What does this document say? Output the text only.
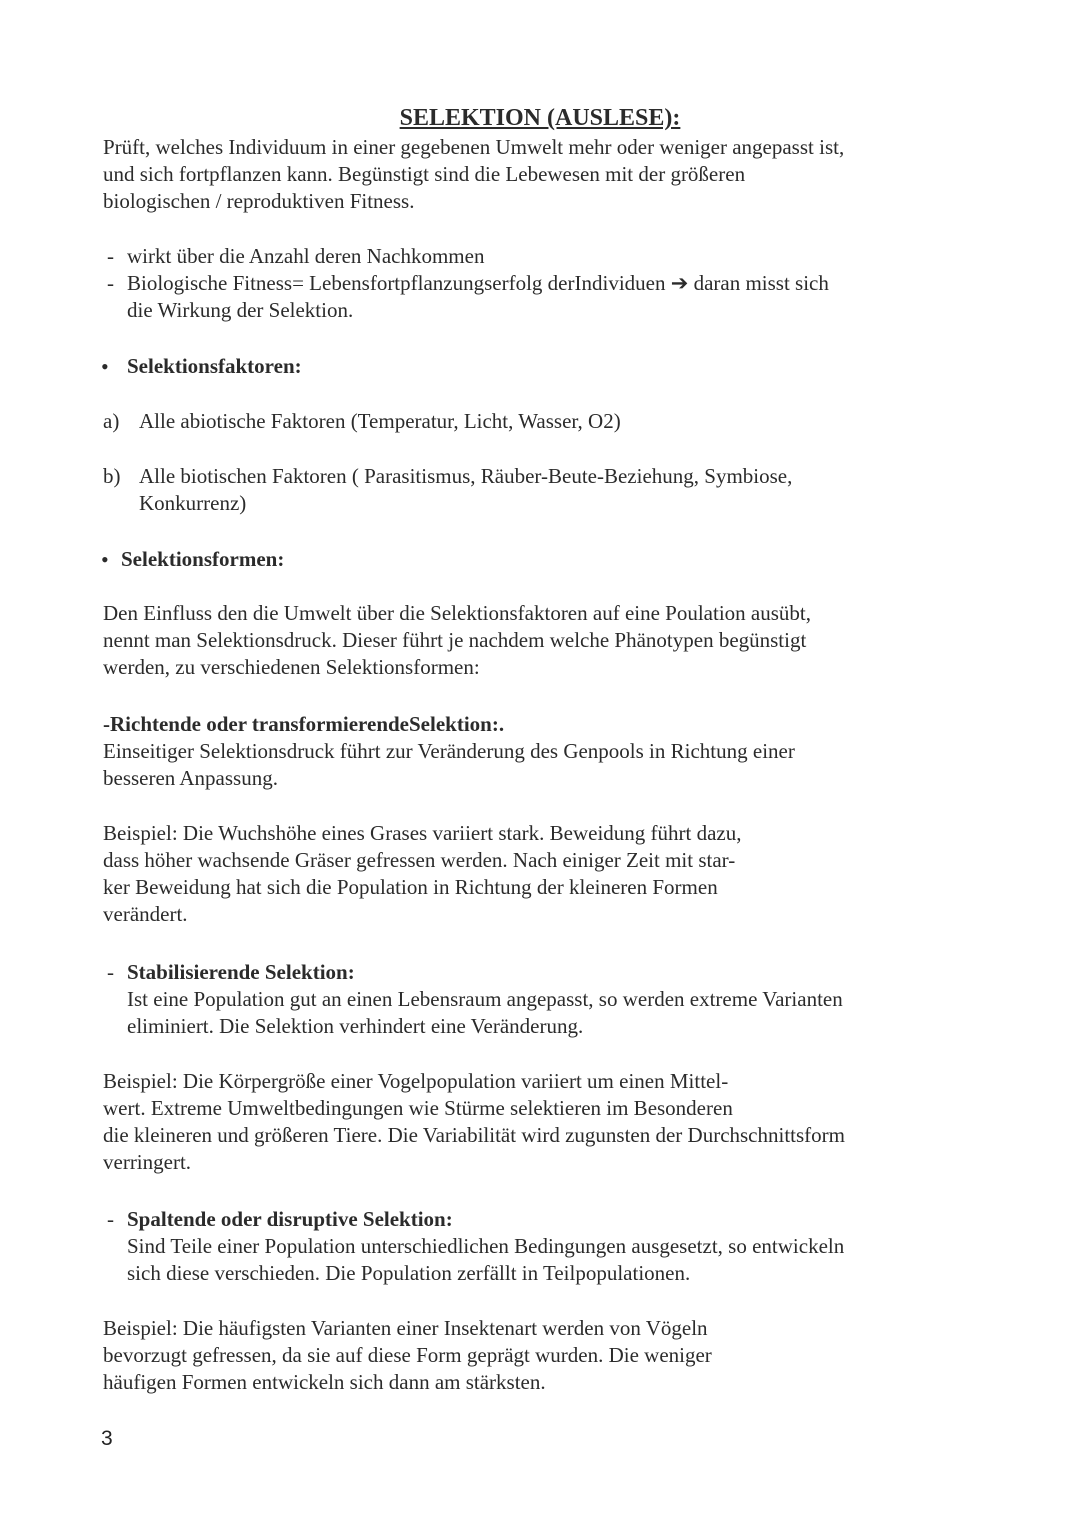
SELEKTION (AUSLESE):
Prüft, welches Individuum in einer gegebenen Umwelt mehr oder weniger angepasst ist,
und sich fortpflanzen kann. Begünstigt sind die Lebewesen mit der größeren
biologischen / reproduktiven Fitness.
- wirkt über die Anzahl deren Nachkommen
- Biologische Fitness= Lebensfortpflanzungserfolg derIndividuen ➔ daran misst sich
die Wirkung der Selektion.
• Selektionsfaktoren:
a) Alle abiotische Faktoren (Temperatur, Licht, Wasser, O2)
b) Alle biotischen Faktoren ( Parasitismus, Räuber-Beute-Beziehung, Symbiose,
Konkurrenz)
• Selektionsformen:
Den Einfluss den die Umwelt über die Selektionsfaktoren auf eine Poulation ausübt,
nennt man Selektionsdruck. Dieser führt je nachdem welche Phänotypen begünstigt
werden, zu verschiedenen Selektionsformen:
-Richtende oder transformierendeSelektion:.
Einseitiger Selektionsdruck führt zur Veränderung des Genpools in Richtung einer
besseren Anpassung.
Beispiel: Die Wuchshöhe eines Grases variiert stark. Beweidung führt dazu,
dass höher wachsende Gräser gefressen werden. Nach einiger Zeit mit star-
ker Beweidung hat sich die Population in Richtung der kleineren Formen
verändert.
- Stabilisierende Selektion:
Ist eine Population gut an einen Lebensraum angepasst, so werden extreme Varianten
eliminiert. Die Selektion verhindert eine Veränderung.
Beispiel: Die Körpergröße einer Vogelpopulation variiert um einen Mittel-
wert. Extreme Umweltbedingungen wie Stürme selektieren im Besonderen
die kleineren und größeren Tiere. Die Variabilität wird zugunsten der Durchschnittsform
verringert.
- Spaltende oder disruptive Selektion:
Sind Teile einer Population unterschiedlichen Bedingungen ausgesetzt, so entwickeln
sich diese verschieden. Die Population zerfällt in Teilpopulationen.
Beispiel: Die häufigsten Varianten einer Insektenart werden von Vögeln
bevorzugt gefressen, da sie auf diese Form geprägt wurden. Die weniger
häufigen Formen entwickeln sich dann am stärksten.
3
